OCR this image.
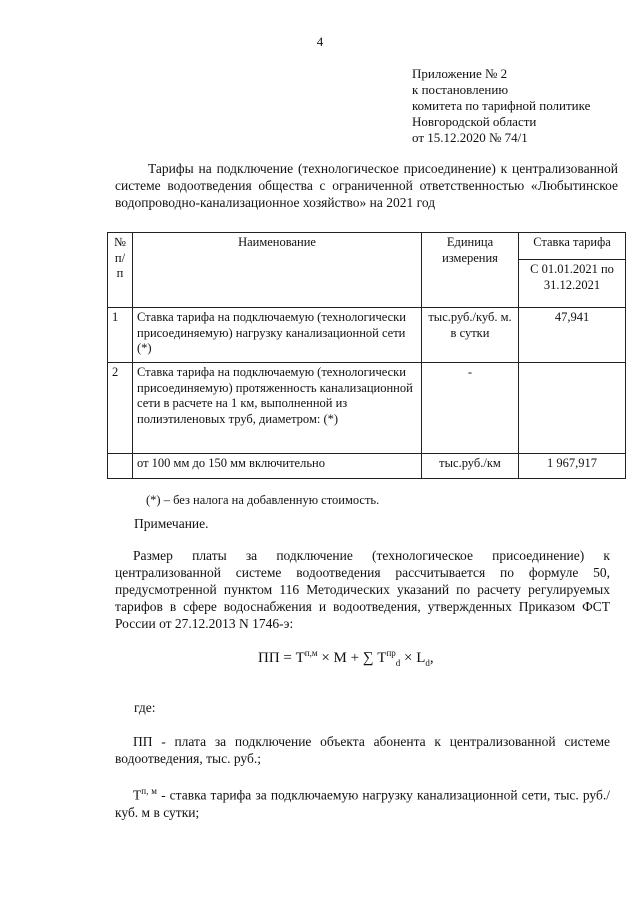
4
Приложение № 2
к постановлению
комитета по тарифной политике
Новгородской области
от 15.12.2020 № 74/1
Тарифы на подключение (технологическое присоединение) к централизованной системе водоотведения общества с ограниченной ответственностью «Любытинское водопроводно-канализационное хозяйство» на 2021 год
№ п/п	Наименование	Единица измерения	Ставка тарифа
			С 01.01.2021 по 31.12.2021
1	Ставка тарифа на подключаемую (технологически присоединяемую) нагрузку канализационной сети (*)	тыс.руб./куб. м. в сутки	47,941
2	Ставка тарифа на подключаемую (технологически присоединяемую) протяженность канализационной сети в расчете на 1 км, выполненной из полиэтиленовых труб, диаметром: (*)	-	
	от 100 мм до 150 мм включительно	тыс.руб./км	1 967,917
(*) – без налога на добавленную стоимость.
Примечание.
Размер платы за подключение (технологическое присоединение) к централизованной системе водоотведения рассчитывается по формуле 50, предусмотренной пунктом 116 Методических указаний по расчету регулируемых тарифов в сфере водоснабжения и водоотведения, утвержденных Приказом ФСТ России от 27.12.2013 N 1746-э:
ПП = $Т^{п,м} \times M$ + ∑ $Т^{пр}_d \times L_d$,
где:
ПП - плата за подключение объекта абонента к централизованной системе водоотведения, тыс. руб.;
$Т^{п, м}$ - ставка тарифа за подключаемую нагрузку канализационной сети, тыс. руб./куб. м в сутки;
